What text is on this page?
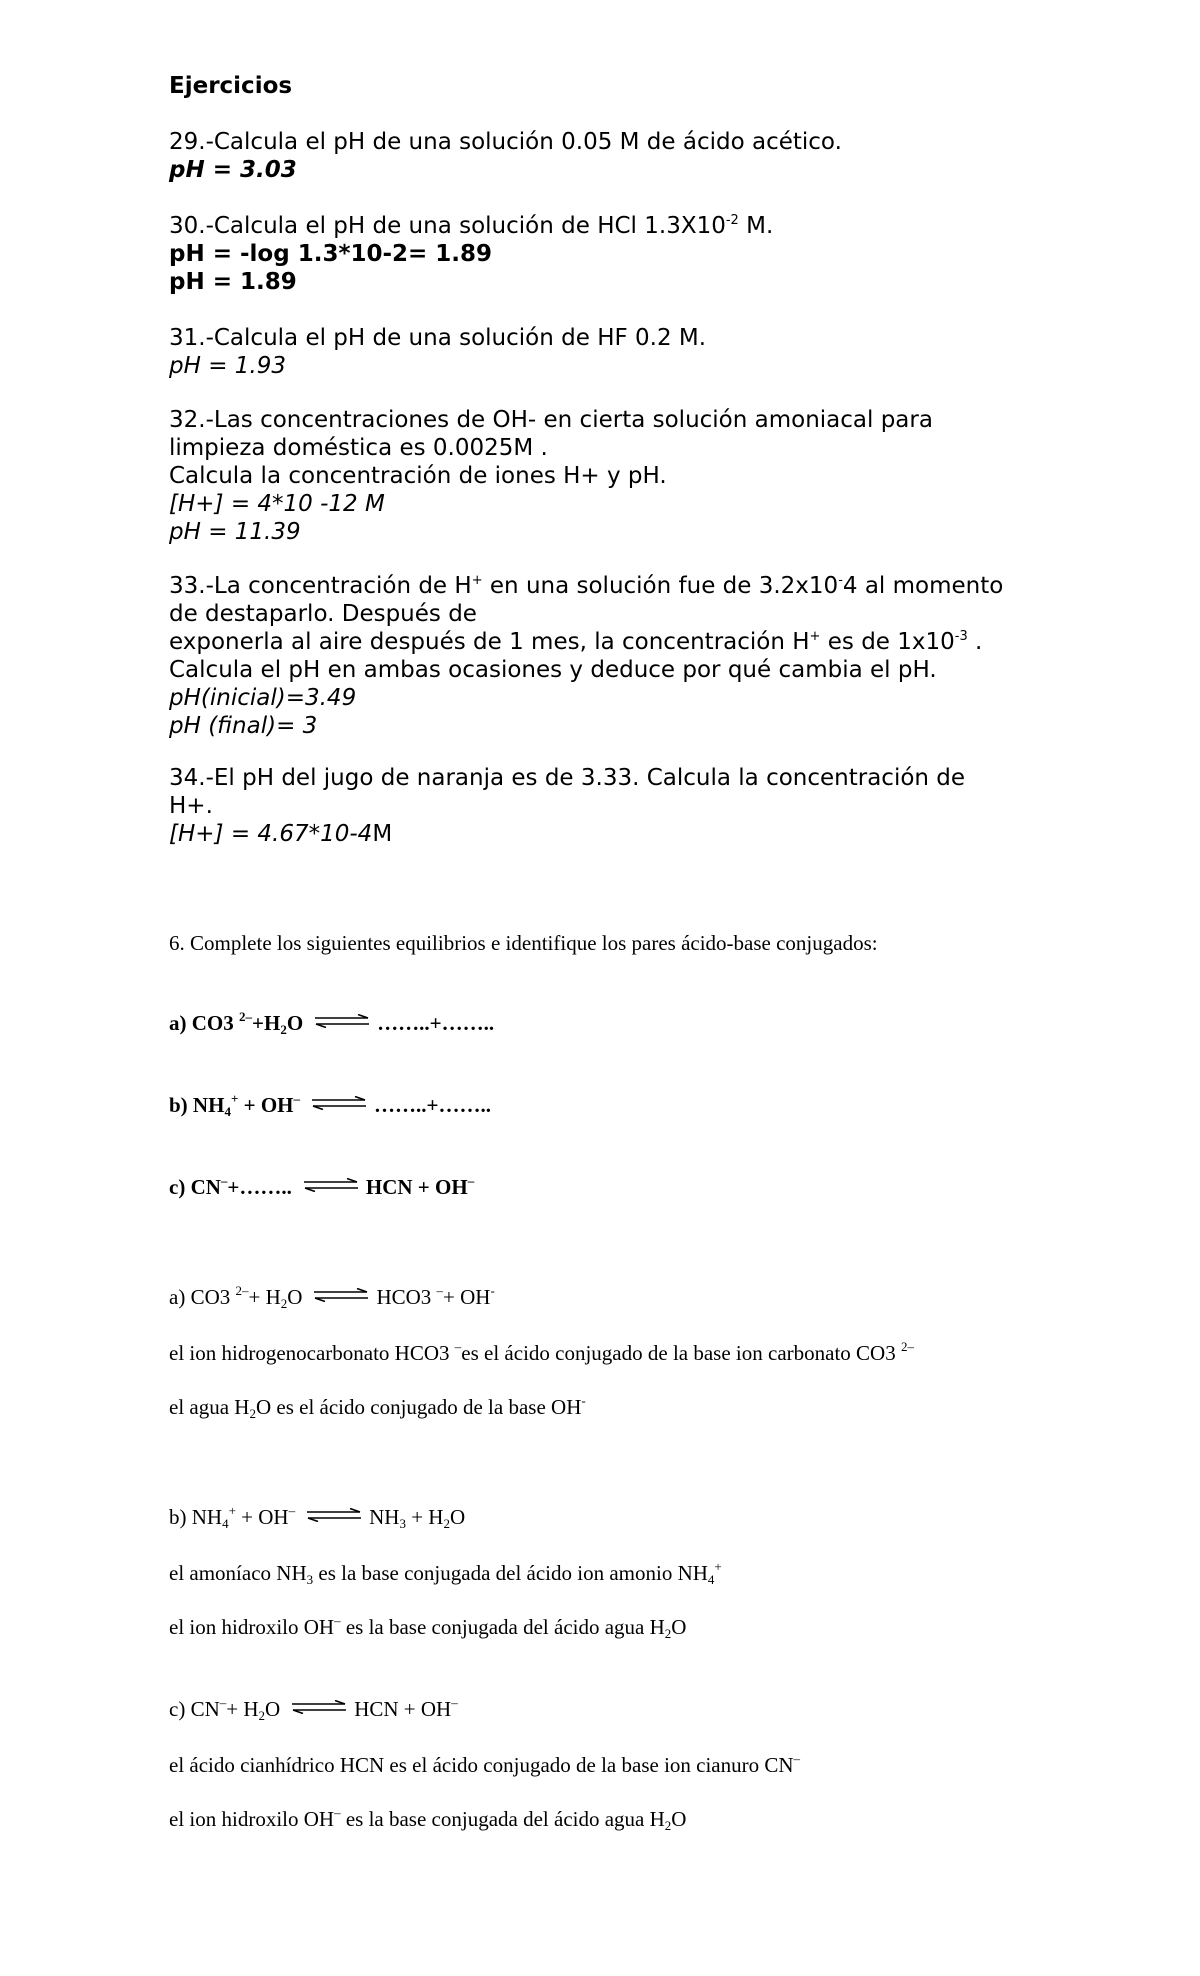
Ejercicios
29.-Calcula el pH de una solución 0.05 M de ácido acético.
pH = 3.03
30.-Calcula el pH de una solución de HCl $1.3X10^{-2}$ M.
pH = -log 1.3*10-2= 1.89
pH = 1.89
31.-Calcula el pH de una solución de HF 0.2 M.
pH = 1.93
32.-Las concentraciones de OH- en cierta solución amoniacal para
limpieza doméstica es 0.0025M .
Calcula la concentración de iones H+ y pH.
[H+] = 4*10 -12 M
pH = 11.39
33.-La concentración de H+ en una solución fue de 3.2x10-4 al momento
de destaparlo. Después de
exponerla al aire después de 1 mes, la concentración H+ es de $1x10^{-3}$ .
Calcula el pH en ambas ocasiones y deduce por qué cambia el pH.
pH(inicial)=3.49
pH (final)= 3
34.-El pH del jugo de naranja es de 3.33. Calcula la concentración de
H+.
[H+] = 4.67*10-4M
6. Complete los siguientes equilibrios e identifique los pares ácido-base conjugados:
a) CO3 $^{2-}+H_2O$ ⇌ ……..+……..
b) $NH_4^+ + OH^-$ ⇌ ……..+……..
c) CN–+…….. ⇌ HCN + OH–
a) CO3 $^{2-}+ H_2O$ ⇌ HCO3 –+ OH-
el ion hidrogenocarbonato HCO3 –es el ácido conjugado de la base ion carbonato CO3 $^{2-}$
el agua $H_2O$ es el ácido conjugado de la base OH-
b) $NH_4^+ + OH^-$ ⇌ $NH_3 + H_2O$
el amoníaco $NH_3$ es la base conjugada del ácido ion amonio $NH_4^+$
el ion hidroxilo OH– es la base conjugada del ácido agua $H_2O$
c) $CN^-+ H_2O$ ⇌ HCN + OH–
el ácido cianhídrico HCN es el ácido conjugado de la base ion cianuro CN–
el ion hidroxilo OH– es la base conjugada del ácido agua $H_2O$
